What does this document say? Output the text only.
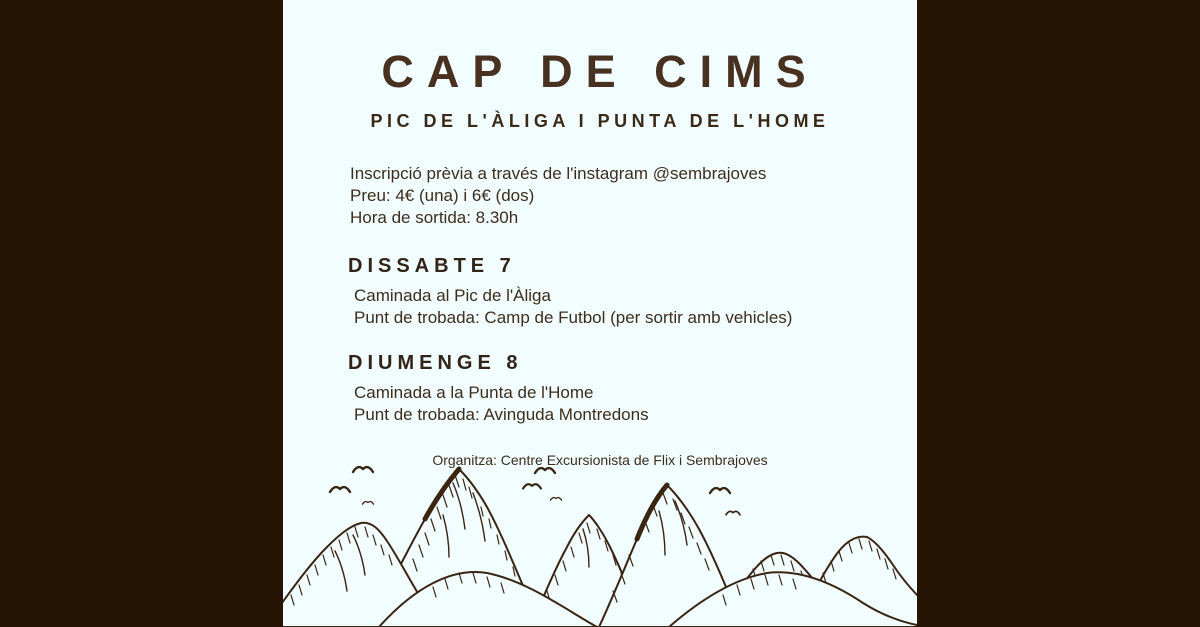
CAP DE CIMS
PIC DE L'ÀLIGA I PUNTA DE L'HOME
Inscripció prèvia a través de l'instagram @sembrajoves
Preu: 4€ (una) i 6€ (dos)
Hora de sortida: 8.30h
DISSABTE 7
Caminada al Pic de l'Àliga
Punt de trobada: Camp de Futbol (per sortir amb vehicles)
DIUMENGE 8
Caminada a la Punta de l'Home
Punt de trobada: Avinguda Montredons
Organitza: Centre Excursionista de Flix i Sembrajoves
